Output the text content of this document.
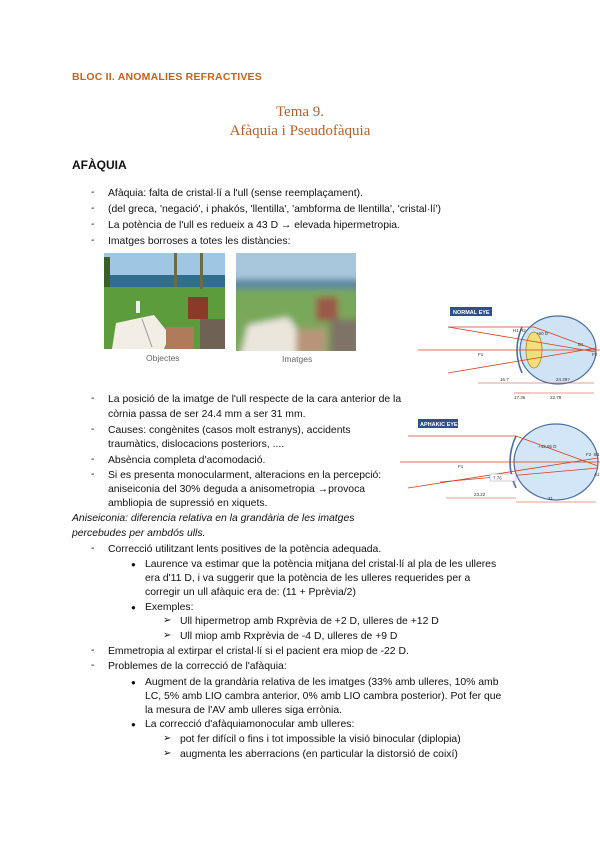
BLOC II. ANOMALIES REFRACTIVES
Tema 9.
Afàquia i Pseudofàquia
AFÀQUIA
- Afàquia: falta de cristal·lí a l'ull (sense reemplaçament).
- (del greca, 'negació', i phakós, 'llentilla', 'ambforma de llentilla', 'cristal·lí')
- La potència de l'ull es redueix a 43 D → elevada hipermetropia.
- Imatges borroses a totes les distàncies:
Objectes	Imatges
NORMAL EYE
H1 H2
+60 D
F1
B1
F2
16.7	24.39?
17.36	22.78
APHAKIC EYE
+43.05 D
F2 B1
F1
A1
7.76
23.22
31
- La posició de la imatge de l'ull respecte de la cara anterior de la
còrnia passa de ser 24.4 mm a ser 31 mm.
- Causes: congènites (casos molt estranys), accidents
traumàtics, dislocacions posteriors, ....
- Absència completa d'acomodació.
- Si es presenta monocularment, alteracions en la percepció:
aniseiconia del 30% deguda a anisometropia →provoca
ambliopia de supressió en xiquets.
Aniseiconia: diferencia relativa en la grandària de les imatges
percebudes per ambdós ulls.
- Correcció utilitzant lents positives de la potència adequada.
● Laurence va estimar que la potència mitjana del cristal·lí al pla de les ulleres
era d'11 D, i va suggerir que la potència de les ulleres requerides per a
corregir un ull afàquic era de: (11 + Pprèvia/2)
● Exemples:
➢ Ull hipermetrop amb Rxprèvia de +2 D, ulleres de +12 D
➢ Ull miop amb Rxprèvia de -4 D, ulleres de +9 D
- Emmetropia al extirpar el cristal·lí si el pacient era miop de -22 D.
- Problemes de la correcció de l'afàquia:
● Augment de la grandària relativa de les imatges (33% amb ulleres, 10% amb
LC, 5% amb LIO cambra anterior, 0% amb LIO cambra posterior). Pot fer que
la mesura de l'AV amb ulleres siga errònia.
● La correcció d'afàquiamonocular amb ulleres:
➢ pot fer difícil o fins i tot impossible la visió binocular (diplopia)
➢ augmenta les aberracions (en particular la distorsió de coixí)
